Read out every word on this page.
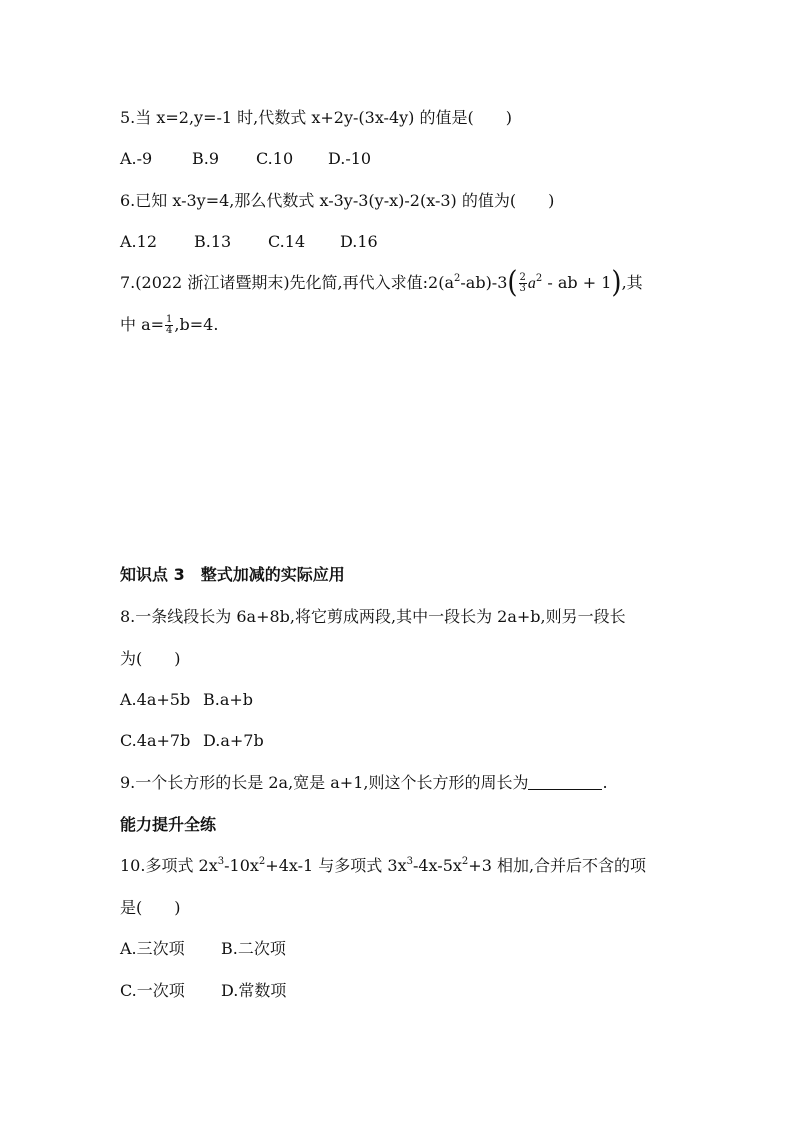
5.当 x=2,y=-1 时,代数式 x+2y-(3x-4y) 的值是(　　)
A.-9 B.9 C.10 D.-10
6.已知 x-3y=4,那么代数式 x-3y-3(y-x)-2(x-3) 的值为(　　)
A.12 B.13 C.14 D.16
7.(2022 浙江诸暨期末)先化简,再代入求值$:2(a^2-ab)-3( \frac{2}{3} a^2$ - ab + 1),其
中 $a= \frac{1}{4} ,b=4$.
知识点 3　整式加减的实际应用
8.一条线段长为 6a+8b,将它剪成两段,其中一段长为 2a+b,则另一段长
为(　　)
A.4a+5b B.a+b
C.4a+7b D.a+7b
9.一个长方形的长是 2a,宽是 a+1,则这个长方形的周长为	.
能力提升全练
10.多项式 $2x^3-10x^2+4x-1$ 与多项式 $3x^3-4x-5x^2+3$ 相加,合并后不含的项
是(　　)
A.三次项 B.二次项
C.一次项 D.常数项
